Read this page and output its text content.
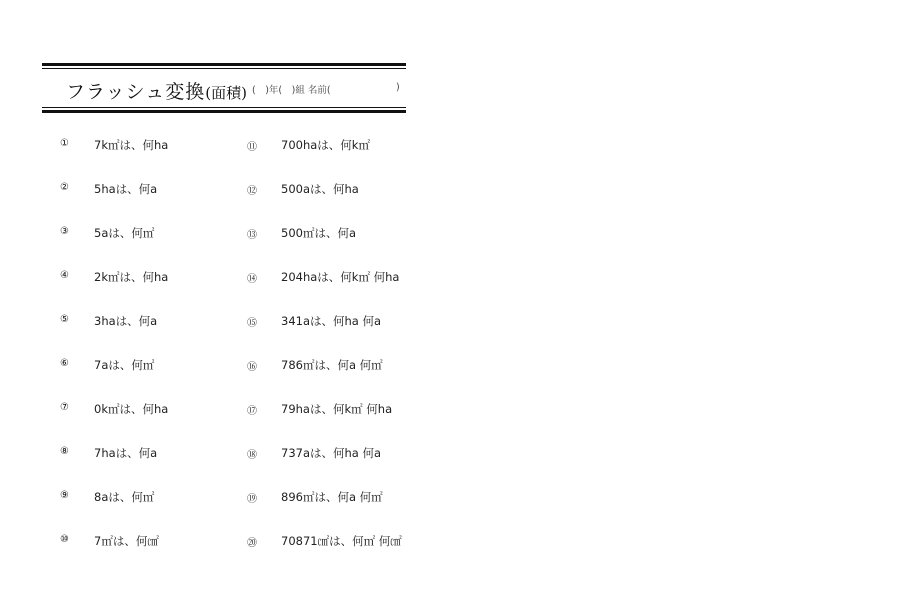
フラッシュ変換(面積) (　)年(　)組 名前(	)
① 7k㎡は、何ha
② 5haは、何a
③ 5aは、何㎡
④ 2k㎡は、何ha
⑤ 3haは、何a
⑥ 7aは、何㎡
⑦ 0k㎡は、何ha
⑧ 7haは、何a
⑨ 8aは、何㎡
⑩ 7㎡は、何㎠
⑪ 700haは、何k㎡
⑫ 500aは、何ha
⑬ 500㎡は、何a
⑭ 204haは、何k㎡ 何ha
⑮ 341aは、何ha 何a
⑯ 786㎡は、何a 何㎡
⑰ 79haは、何k㎡ 何ha
⑱ 737aは、何ha 何a
⑲ 896㎡は、何a 何㎡
⑳ 70871㎠は、何㎡ 何㎠
